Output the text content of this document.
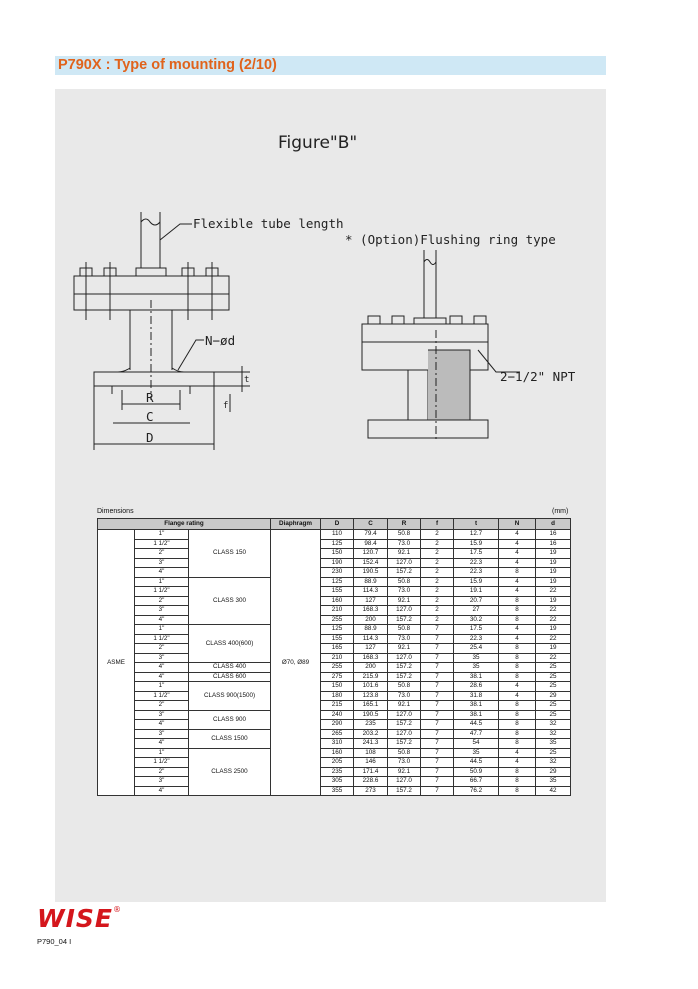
P790X : Type of mounting (2/10)
Figure"B"
Flexible tube length
* (Option)Flushing ring type
N−ød
2−1/2" NPT
R
C
D
t
f
Dimensions	(mm)
Flange rating			Diaphragm	D	C	R	f	t	N	d
ASME	1"	CLASS 150	Ø70, Ø89	110	79.4	50.8	2	12.7	4	16
	1 1/2"			125	98.4	73.0	2	15.9	4	16
	2"			150	120.7	92.1	2	17.5	4	19
	3"			190	152.4	127.0	2	22.3	4	19
	4"			230	190.5	157.2	2	22.3	8	19
	1"	CLASS 300		125	88.9	50.8	2	15.9	4	19
	1 1/2"			155	114.3	73.0	2	19.1	4	22
	2"			160	127	92.1	2	20.7	8	19
	3"			210	168.3	127.0	2	27	8	22
	4"			255	200	157.2	2	30.2	8	22
	1"	CLASS 400(600)		125	88.9	50.8	7	17.5	4	19
	1 1/2"			155	114.3	73.0	7	22.3	4	22
	2"			165	127	92.1	7	25.4	8	19
	3"			210	168.3	127.0	7	35	8	22
	4"	CLASS 400		255	200	157.2	7	35	8	25
	4"	CLASS 600		275	215.9	157.2	7	38.1	8	25
	1"	CLASS 900(1500)		150	101.6	50.8	7	28.6	4	25
	1 1/2"			180	123.8	73.0	7	31.8	4	29
	2"			215	165.1	92.1	7	38.1	8	25
	3"	CLASS 900		240	190.5	127.0	7	38.1	8	25
	4"			290	235	157.2	7	44.5	8	32
	3"	CLASS 1500		265	203.2	127.0	7	47.7	8	32
	4"			310	241.3	157.2	7	54	8	35
	1"	CLASS 2500		160	108	50.8	7	35	4	25
	1 1/2"			205	146	73.0	7	44.5	4	32
	2"			235	171.4	92.1	7	50.9	8	29
	3"			305	228.6	127.0	7	66.7	8	35
	4"			355	273	157.2	7	76.2	8	42
WISE®
P790_04 I
